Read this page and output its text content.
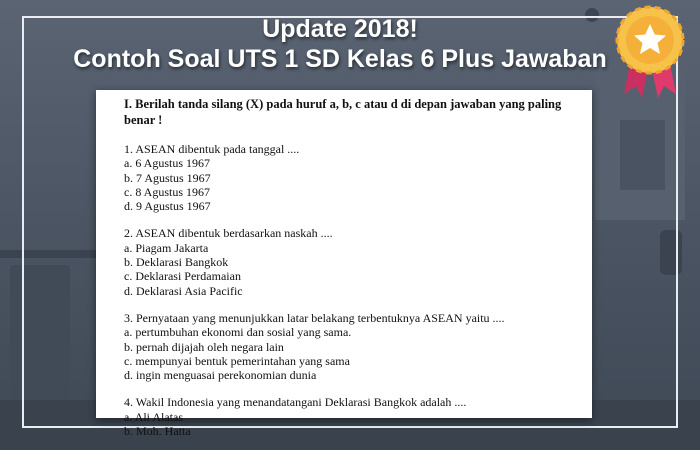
Update 2018!
Contoh Soal UTS 1 SD Kelas 6 Plus Jawaban
I. Berilah tanda silang (X) pada huruf a, b, c atau d di depan jawaban yang paling benar !
1. ASEAN dibentuk pada tanggal ....
a. 6 Agustus 1967
b. 7 Agustus 1967
c. 8 Agustus 1967
d. 9 Agustus 1967
2. ASEAN dibentuk berdasarkan naskah ....
a. Piagam Jakarta
b. Deklarasi Bangkok
c. Deklarasi Perdamaian
d. Deklarasi Asia Pacific
3. Pernyataan yang menunjukkan latar belakang terbentuknya ASEAN yaitu ....
a. pertumbuhan ekonomi dan sosial yang sama.
b. pernah dijajah oleh negara lain
c. mempunyai bentuk pemerintahan yang sama
d. ingin menguasai perekonomian dunia
4. Wakil Indonesia yang menandatangani Deklarasi Bangkok adalah ....
a. Ali Alatas
b. Moh. Hatta
